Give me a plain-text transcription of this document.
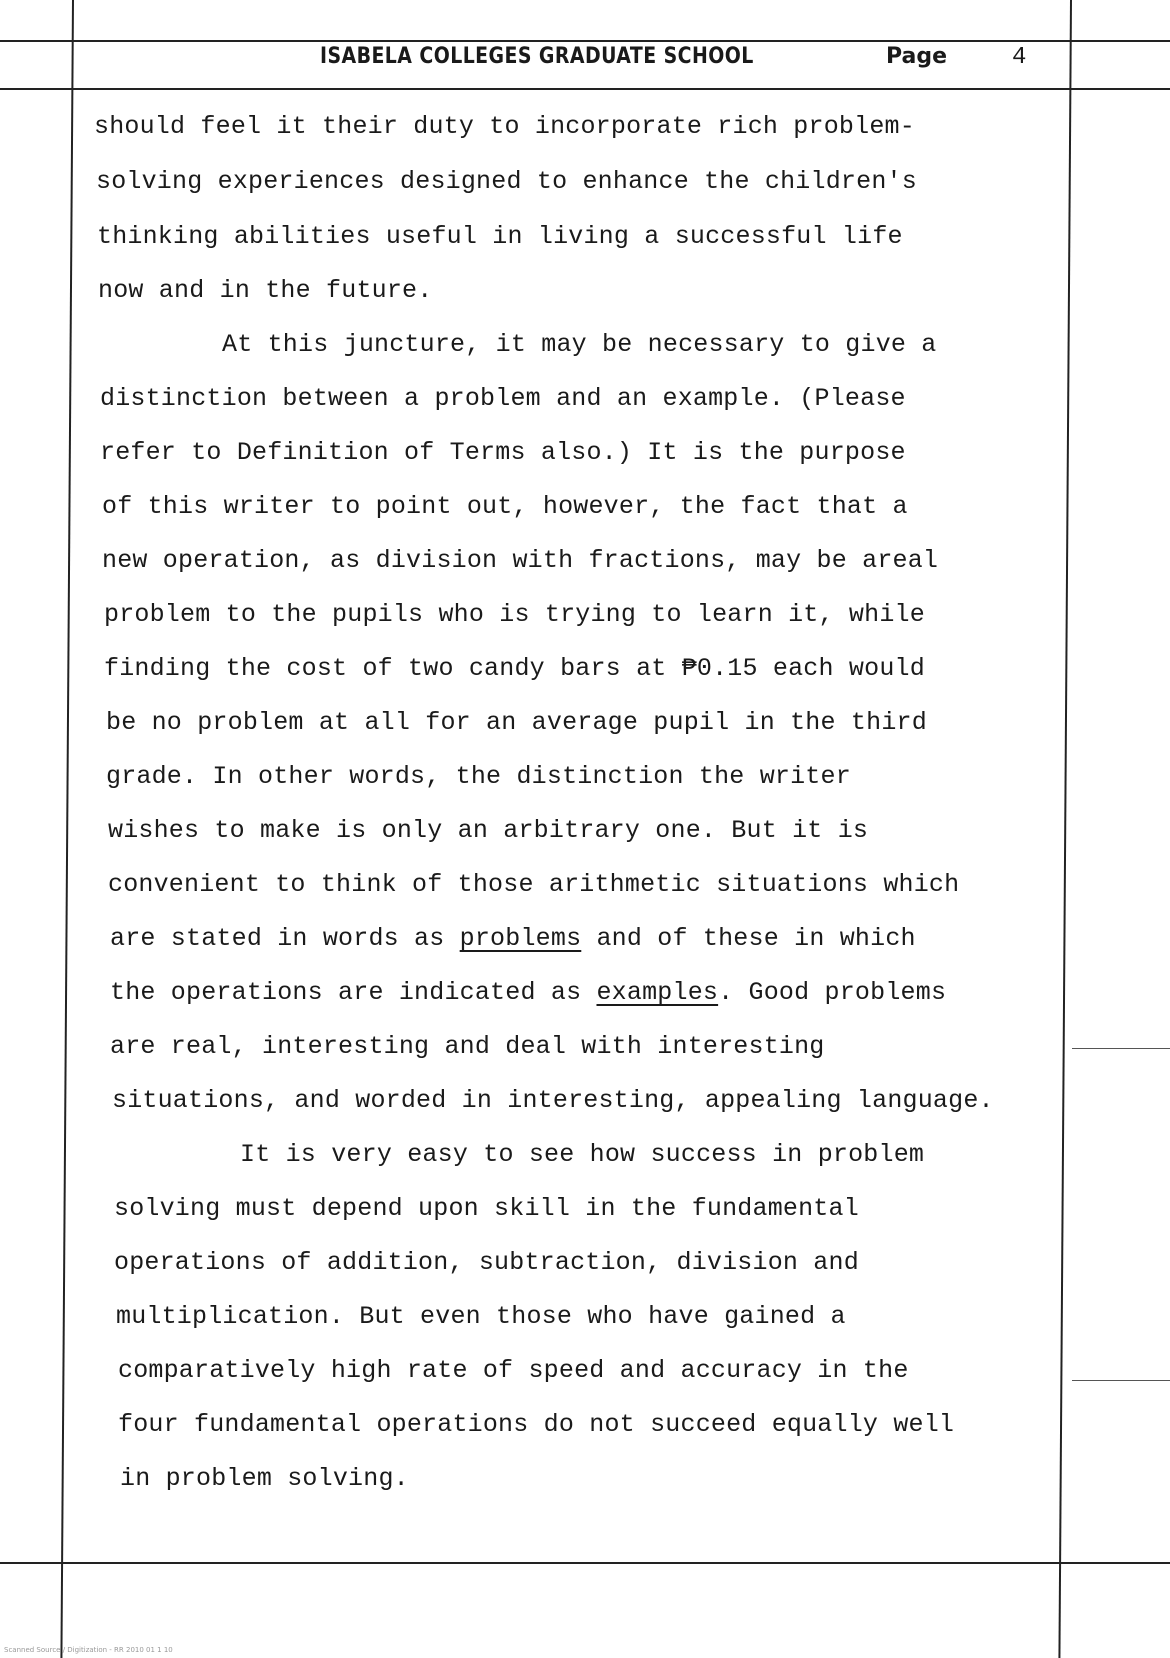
ISABELA COLLEGES GRADUATE SCHOOL	Page	4
should feel it their duty to incorporate rich problem-
solving experiences designed to enhance the children's
thinking abilities useful in living a successful life
now and in the future.
At this juncture, it may be necessary to give a
distinction between a problem and an example. (Please
refer to Definition of Terms also.) It is the purpose
of this writer to point out, however, the fact that a
new operation, as division with fractions, may be areal
problem to the pupils who is trying to learn it, while
finding the cost of two candy bars at ₱0.15 each would
be no problem at all for an average pupil in the third
grade. In other words, the distinction the writer
wishes to make is only an arbitrary one. But it is
convenient to think of those arithmetic situations which
are stated in words as problems and of these in which
the operations are indicated as examples. Good problems
are real, interesting and deal with interesting
situations, and worded in interesting, appealing language.
It is very easy to see how success in problem
solving must depend upon skill in the fundamental
operations of addition, subtraction, division and
multiplication. But even those who have gained a
comparatively high rate of speed and accuracy in the
four fundamental operations do not succeed equally well
in problem solving.
Scanned Source / Digitization - RR 2010 01 1 10
